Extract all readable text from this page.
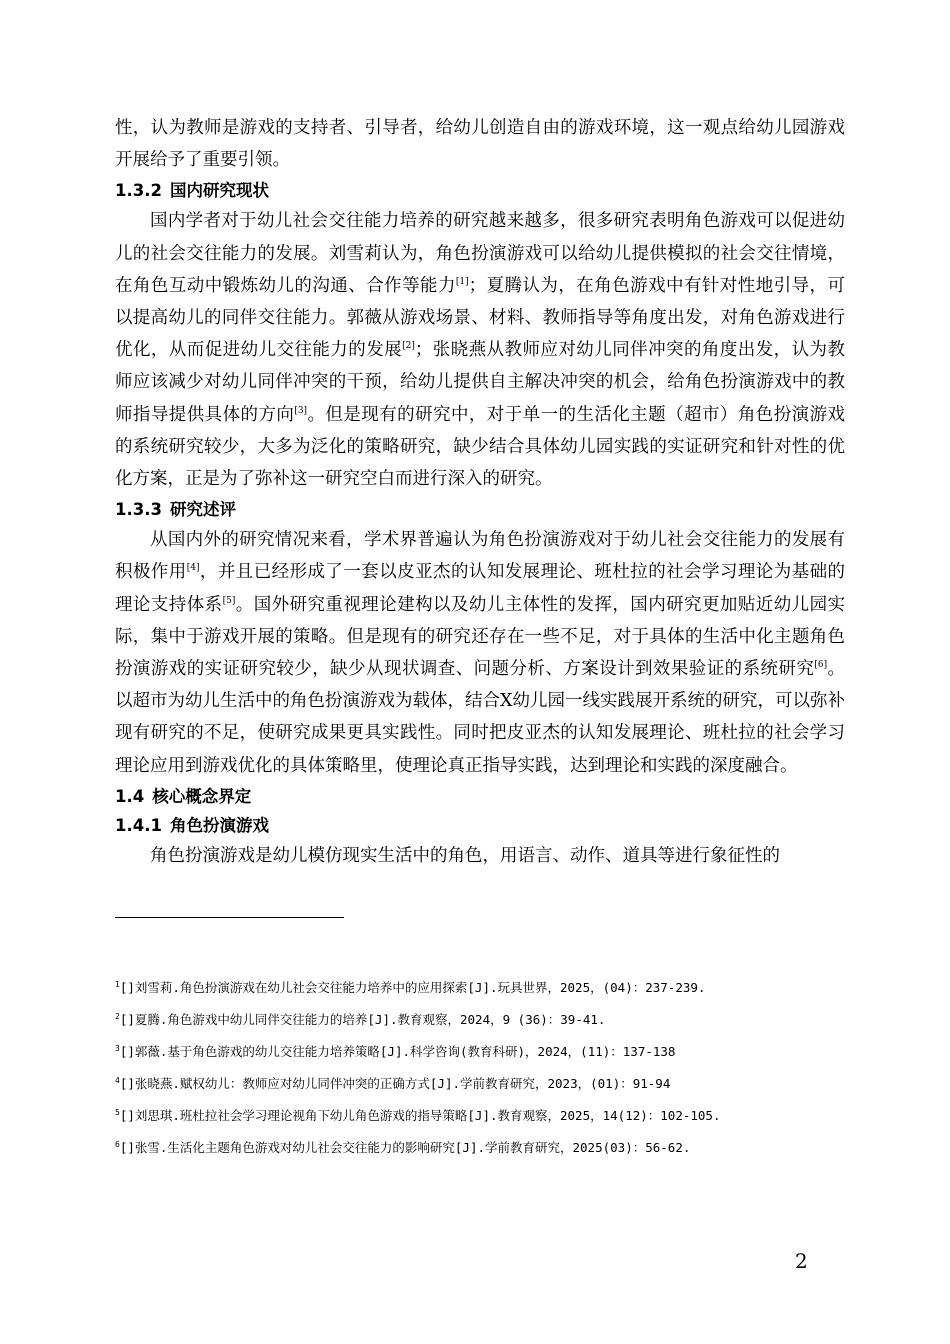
性，认为教师是游戏的支持者、引导者，给幼儿创造自由的游戏环境，这一观点给幼儿园游戏开展给予了重要引领。

1.3.2 国内研究现状

国内学者对于幼儿社会交往能力培养的研究越来越多，很多研究表明角色游戏可以促进幼儿的社会交往能力的发展。刘雪莉认为，角色扮演游戏可以给幼儿提供模拟的社会交往情境，在角色互动中锻炼幼儿的沟通、合作等能力[1]；夏腾认为，在角色游戏中有针对性地引导，可以提高幼儿的同伴交往能力。郭薇从游戏场景、材料、教师指导等角度出发，对角色游戏进行优化，从而促进幼儿交往能力的发展[2]；张晓燕从教师应对幼儿同伴冲突的角度出发，认为教师应该减少对幼儿同伴冲突的干预，给幼儿提供自主解决冲突的机会，给角色扮演游戏中的教师指导提供具体的方向[3]。但是现有的研究中，对于单一的生活化主题（超市）角色扮演游戏的系统研究较少，大多为泛化的策略研究，缺少结合具体幼儿园实践的实证研究和针对性的优化方案，正是为了弥补这一研究空白而进行深入的研究。

1.3.3 研究述评

从国内外的研究情况来看，学术界普遍认为角色扮演游戏对于幼儿社会交往能力的发展有积极作用[4]，并且已经形成了一套以皮亚杰的认知发展理论、班杜拉的社会学习理论为基础的理论支持体系[5]。国外研究重视理论建构以及幼儿主体性的发挥，国内研究更加贴近幼儿园实际，集中于游戏开展的策略。但是现有的研究还存在一些不足，对于具体的生活中化主题角色扮演游戏的实证研究较少，缺少从现状调查、问题分析、方案设计到效果验证的系统研究[6]。以超市为幼儿生活中的角色扮演游戏为载体，结合X幼儿园一线实践展开系统的研究，可以弥补现有研究的不足，使研究成果更具实践性。同时把皮亚杰的认知发展理论、班杜拉的社会学习理论应用到游戏优化的具体策略里，使理论真正指导实践，达到理论和实践的深度融合。

1.4 核心概念界定
1.4.1 角色扮演游戏

角色扮演游戏是幼儿模仿现实生活中的角色，用语言、动作、道具等进行象征性的

$^1$[]刘雪莉.角色扮演游戏在幼儿社会交往能力培养中的应用探索[J].玩具世界，2025，(04)：237-239.

$^2$[]夏腾.角色游戏中幼儿同伴交往能力的培养[J].教育观察，2024，9 (36)：39-41.

$^3$[]郭薇.基于角色游戏的幼儿交往能力培养策略[J].科学咨询(教育科研)，2024，(11)：137-138

$^4$[]张晓燕.赋权幼儿：教师应对幼儿同伴冲突的正确方式[J].学前教育研究，2023，(01)：91-94

$^5$[]刘思琪.班杜拉社会学习理论视角下幼儿角色游戏的指导策略[J].教育观察，2025，14(12)：102-105.

$^6$[]张雪.生活化主题角色游戏对幼儿社会交往能力的影响研究[J].学前教育研究，2025(03)：56-62.

2
